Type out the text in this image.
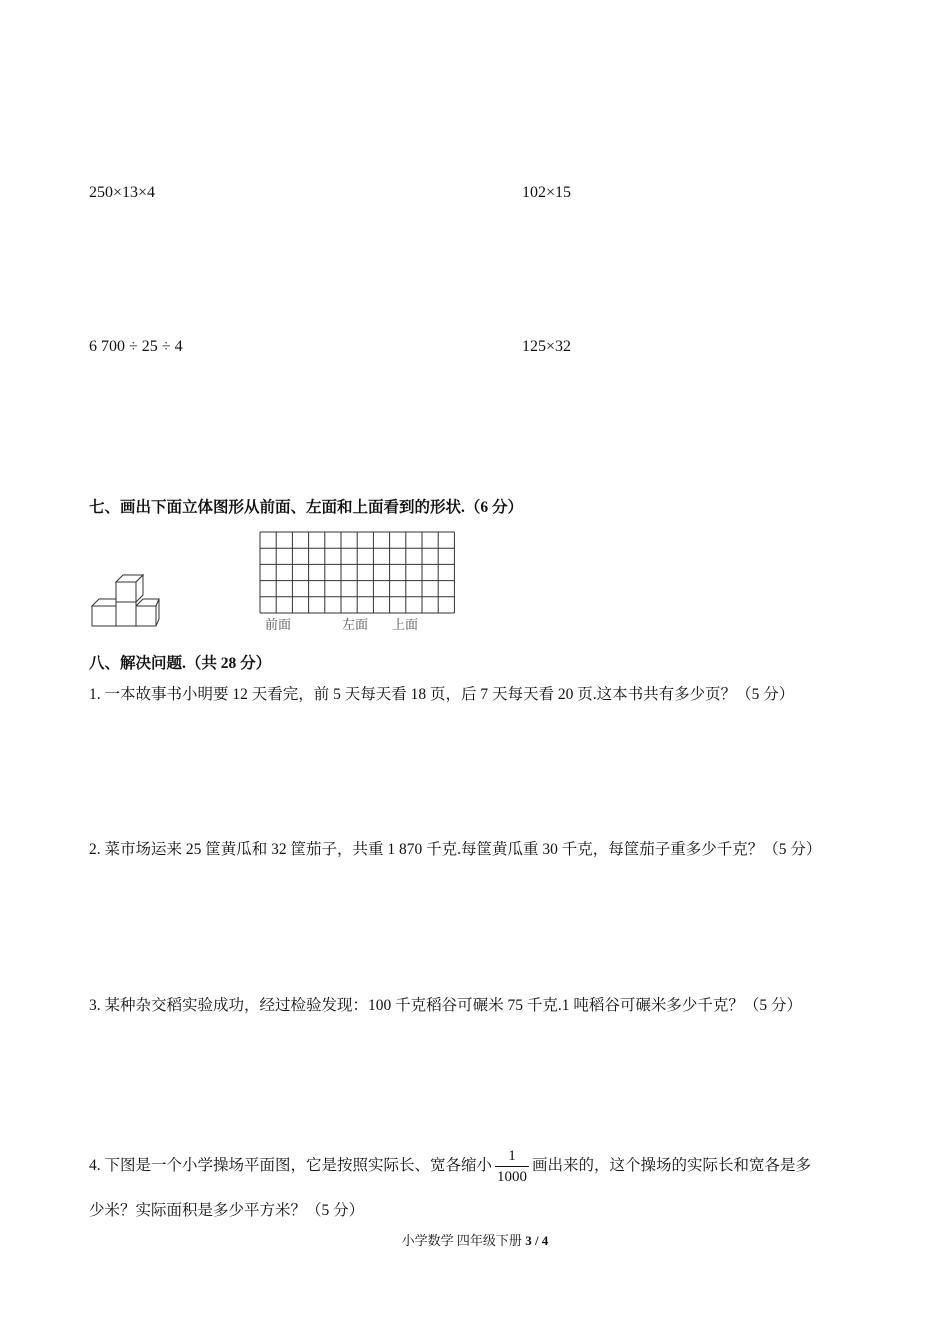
250×13×4	102×15
6 700 ÷ 25 ÷ 4	125×32
七、画出下面立体图形从前面、左面和上面看到的形状.（6 分）
前面	左面 上面
八、解决问题.（共 28 分）
1. 一本故事书小明要 12 天看完，前 5 天每天看 18 页，后 7 天每天看 20 页.这本书共有多少页？（5 分）
2. 菜市场运来 25 筐黄瓜和 32 筐茄子，共重 1 870 千克.每筐黄瓜重 30 千克，每筐茄子重多少千克？（5 分）
3. 某种杂交稻实验成功，经过检验发现：100 千克稻谷可碾米 75 千克.1 吨稻谷可碾米多少千克？（5 分）
4. 下图是一个小学操场平面图，它是按照实际长、宽各缩小 $\frac{1}{1000}$ 画出来的，这个操场的实际长和宽各是多
少米？实际面积是多少平方米？（5 分）
小学数学 四年级下册 3 / 4
